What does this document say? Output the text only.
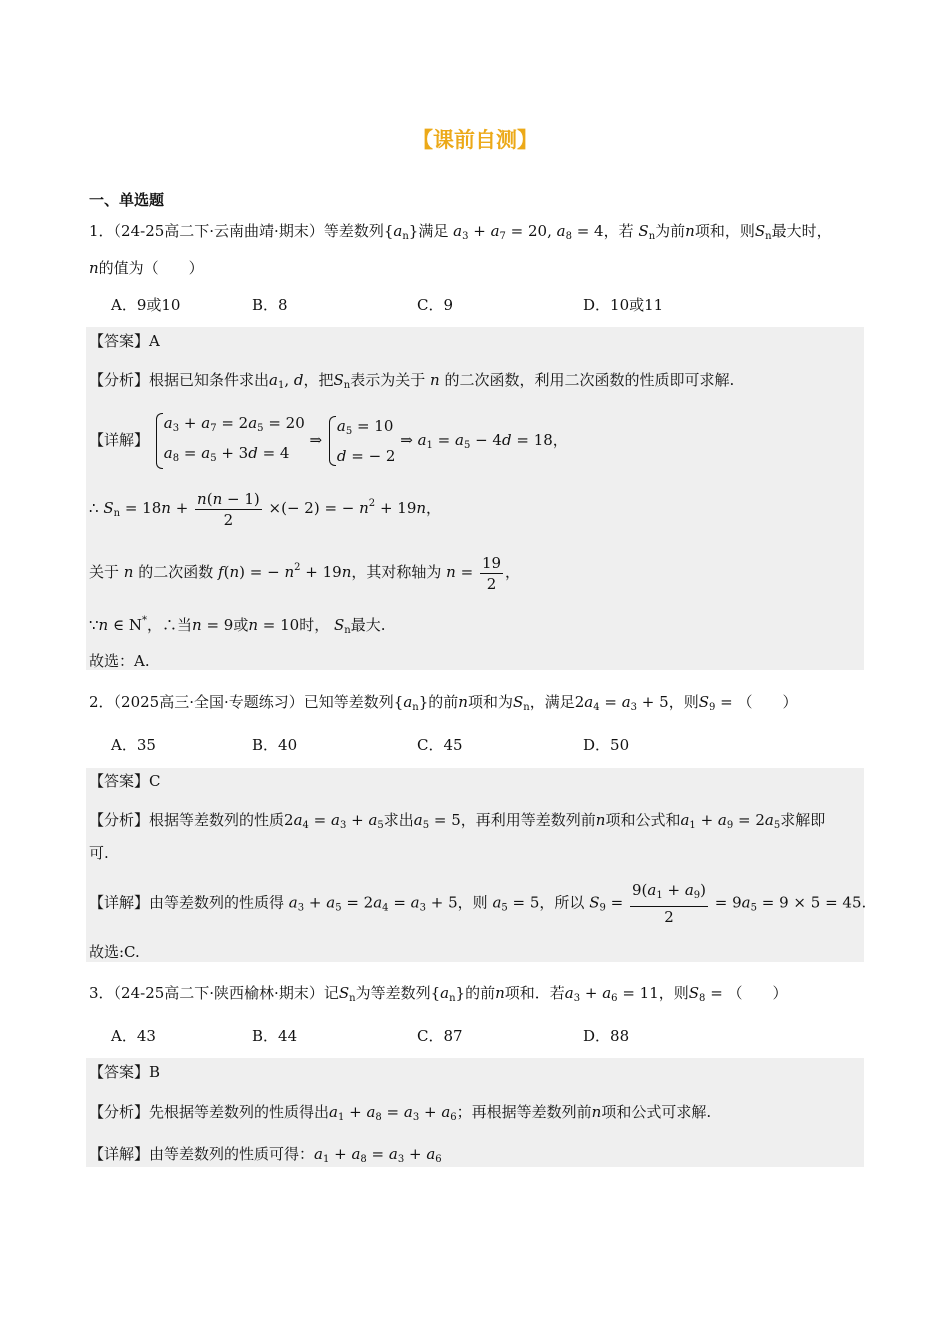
【课前自测】
一、单选题
1．（24-25高二下·云南曲靖·期末）等差数列$\{a_n\}$满足 $a_3 + a_7 = 20$, $a_8 = 4$，若 $S_n$为前n项和，则$S_n$最大时，
n的值为（　　）
A．9或10	B．8	C．9	D．10或11
【答案】A
【分析】根据已知条件求出$a_1$, d，把$S_n$表示为关于 n 的二次函数，利用二次函数的性质即可求解.
【详解】
$a_3 + a_7 = 2a_5 = 20$
$a_8 = a_5 + 3d = 4$
⇒
$a_5 = 10$
d = − 2
⇒ $a_1 = a_5 - 4d = 18$，
∴ $S_n = 18n + \frac{n(n - 1)}{2}$ ×(− 2) = − $n^2 + 19n$，
关于 n 的二次函数 f(n) = − $n^2 + 19n$，其对称轴为 $n = \frac{19}{2}$ ，
∵n ∈ N*，∴当n = 9或n = 10时， $S_n$最大.
故选：A.
2．（2025高三·全国·专题练习）已知等差数列$\{a_n\}$的前n项和为$S_n$，满足$2a_4 = a_3 + 5$，则$S_9$ = （　　）
A．35	B．40	C．45	D．50
【答案】C
【分析】根据等差数列的性质$2a_4 = a_3 + a_5$求出$a_5 = 5$，再利用等差数列前n项和公式和$a_1 + a_9 = 2a_5$求解即
可.
【详解】由等差数列的性质得 $a_3 + a_5 = 2a_4 = a_3 + 5$，则 $a_5 = 5$，所以 $S_9 = \frac{9(a_1 + a_9)}{2} = 9a_5 = 9 \times 5 = 45$.
故选:C.
3．（24-25高二下·陕西榆林·期末）记$S_n$为等差数列$\{a_n\}$的前n项和．若$a_3 + a_6 = 11$，则$S_8$ = （　　）
A．43	B．44	C．87	D．88
【答案】B
【分析】先根据等差数列的性质得出$a_1 + a_8 = a_3 + a_6$；再根据等差数列前n项和公式可求解.
【详解】由等差数列的性质可得：$a_1 + a_8 = a_3 + a_6$
